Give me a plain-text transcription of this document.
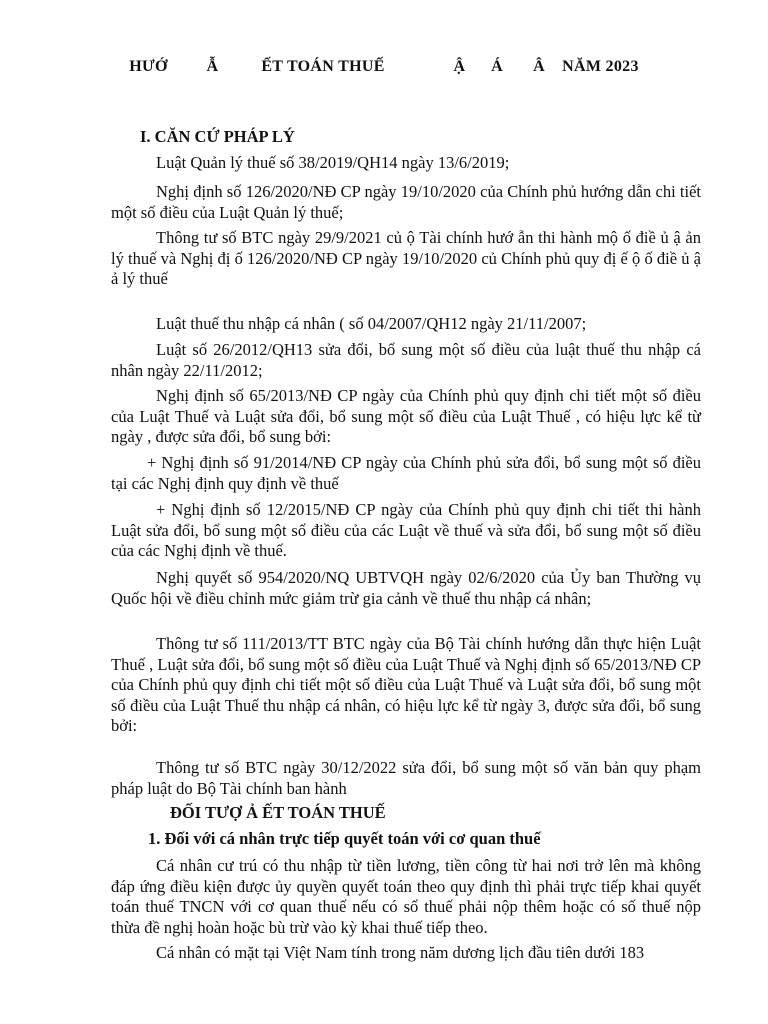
HƯỚ         Ẫ          ẾT TOÁN THUẾ                Ậ      Á       Â    NĂM 2023
I. CĂN CỨ PHÁP LÝ
Luật Quản lý thuế số 38/2019/QH14 ngày 13/6/2019;
Nghị định số 126/2020/NĐ CP ngày 19/10/2020 của Chính phủ hướng dẫn chi tiết một số điều của Luật Quản lý thuế;
Thông tư số BTC ngày 29/9/2021 củ ộ Tài chính hướ ẫn thi hành mộ ố điề ủ ậ ản lý thuế và Nghị đị ố 126/2020/NĐ CP ngày 19/10/2020 củ Chính phủ quy đị ế ộ ố điề ủ ậ ả lý thuế
Luật thuế thu nhập cá nhân ( số 04/2007/QH12 ngày 21/11/2007;
Luật số 26/2012/QH13 sửa đổi, bổ sung một số điều của luật thuế thu nhập cá nhân ngày 22/11/2012;
Nghị định số 65/2013/NĐ CP ngày của Chính phủ quy định chi tiết một số điều của Luật Thuế và Luật sửa đổi, bổ sung một số điều của Luật Thuế , có hiệu lực kể từ ngày , được sửa đổi, bổ sung bởi:
+ Nghị định số 91/2014/NĐ CP ngày của Chính phủ sửa đổi, bổ sung một số điều tại các Nghị định quy định về thuế
+ Nghị định số 12/2015/NĐ CP ngày của Chính phủ quy định chi tiết thi hành Luật sửa đổi, bổ sung một số điều của các Luật về thuế và sửa đổi, bổ sung một số điều của các Nghị định về thuế.
Nghị quyết số 954/2020/NQ UBTVQH ngày 02/6/2020 của Ủy ban Thường vụ Quốc hội về điều chỉnh mức giảm trừ gia cảnh về thuế thu nhập cá nhân;
Thông tư số 111/2013/TT BTC ngày của Bộ Tài chính hướng dẫn thực hiện Luật Thuế , Luật sửa đổi, bổ sung một số điều của Luật Thuế và Nghị định số 65/2013/NĐ CP của Chính phủ quy định chi tiết một số điều của Luật Thuế và Luật sửa đổi, bổ sung một số điều của Luật Thuế thu nhập cá nhân, có hiệu lực kể từ ngày 3, được sửa đổi, bổ sung bởi:
Thông tư số BTC ngày 30/12/2022 sửa đổi, bổ sung một số văn bản quy phạm pháp luật do Bộ Tài chính ban hành
ĐỐI TƯỢ Ả ẾT TOÁN THUẾ
1. Đối với cá nhân trực tiếp quyết toán với cơ quan thuế
Cá nhân cư trú có thu nhập từ tiền lương, tiền công từ hai nơi trở lên mà không đáp ứng điều kiện được ủy quyền quyết toán theo quy định thì phải trực tiếp khai quyết toán thuế TNCN với cơ quan thuế nếu có số thuế phải nộp thêm hoặc có số thuế nộp thừa đề nghị hoàn hoặc bù trừ vào kỳ khai thuế tiếp theo.
Cá nhân có mặt tại Việt Nam tính trong năm dương lịch đầu tiên dưới 183
